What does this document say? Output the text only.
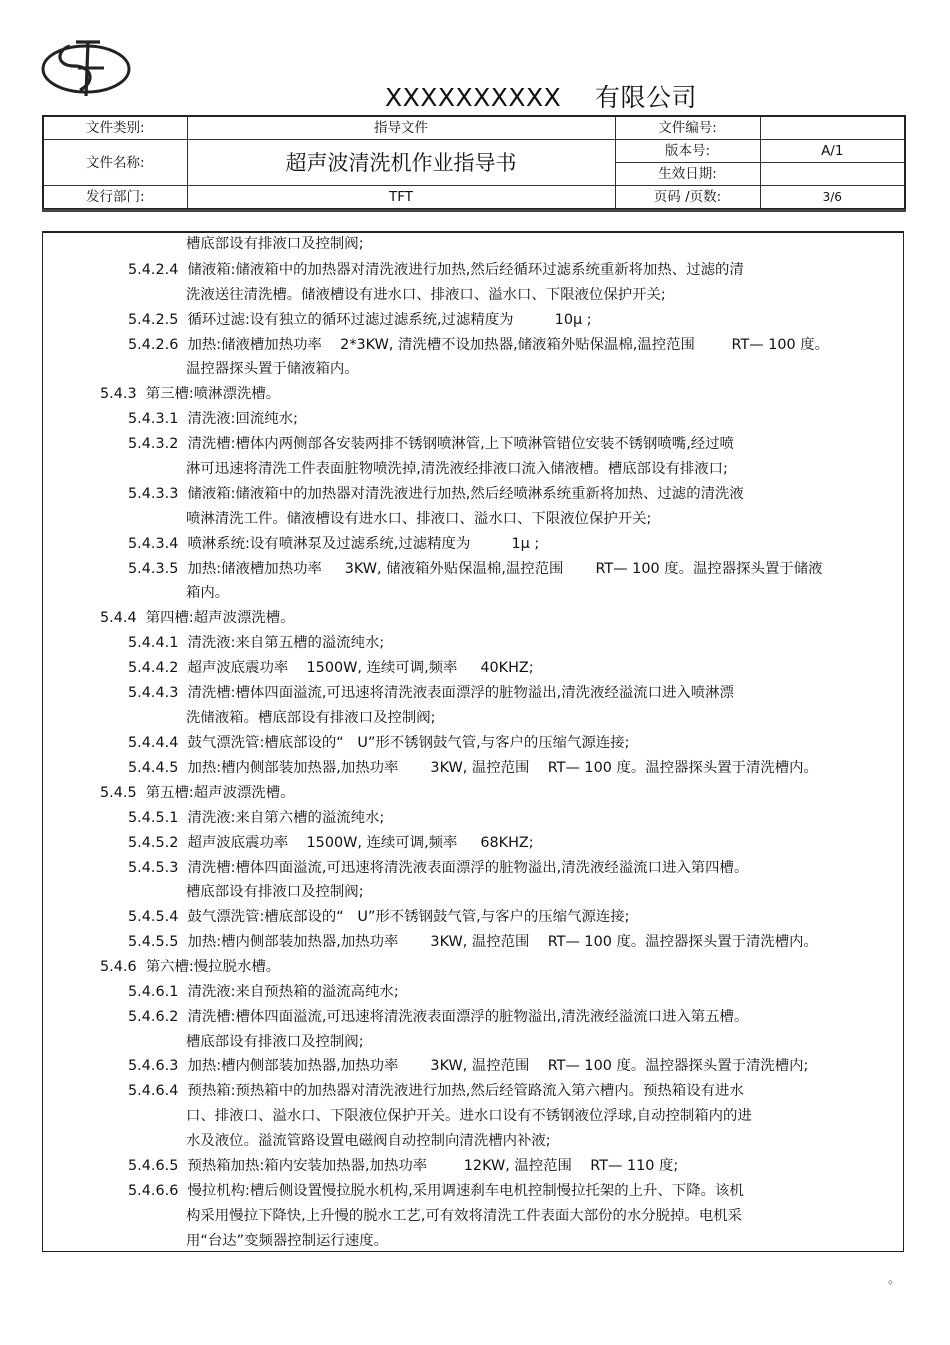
XXXXXXXXXX    有限公司
文件类别:	指导文件	文件编号:	
文件名称:	超声波清洗机作业指导书	版本号:	A/1
		生效日期:	
发行部门:	TFT	页码 /页数:	3/6
槽底部设有排液口及控制阀;
5.4.2.4  储液箱:储液箱中的加热器对清洗液进行加热,然后经循环过滤系统重新将加热、过滤的清
洗液送往清洗槽。储液槽设有进水口、排液口、溢水口、下限液位保护开关;
5.4.2.5  循环过滤:设有独立的循环过滤过滤系统,过滤精度为         10μ ;
5.4.2.6  加热:储液槽加热功率    2*3KW, 清洗槽不设加热器,储液箱外贴保温棉,温控范围        RT— 100 度。
温控器探头置于储液箱内。
5.4.3  第三槽:喷淋漂洗槽。
5.4.3.1  清洗液:回流纯水;
5.4.3.2  清洗槽:槽体内两侧部各安装两排不锈钢喷淋管,上下喷淋管错位安装不锈钢喷嘴,经过喷
淋可迅速将清洗工件表面脏物喷洗掉,清洗液经排液口流入储液槽。槽底部设有排液口;
5.4.3.3  储液箱:储液箱中的加热器对清洗液进行加热,然后经喷淋系统重新将加热、过滤的清洗液
喷淋清洗工件。储液槽设有进水口、排液口、溢水口、下限液位保护开关;
5.4.3.4  喷淋系统:设有喷淋泵及过滤系统,过滤精度为         1μ ;
5.4.3.5  加热:储液槽加热功率     3KW, 储液箱外贴保温棉,温控范围       RT— 100 度。温控器探头置于储液
箱内。
5.4.4  第四槽:超声波漂洗槽。
5.4.4.1  清洗液:来自第五槽的溢流纯水;
5.4.4.2  超声波底震功率    1500W, 连续可调,频率     40KHZ;
5.4.4.3  清洗槽:槽体四面溢流,可迅速将清洗液表面漂浮的脏物溢出,清洗液经溢流口进入喷淋漂
洗储液箱。槽底部设有排液口及控制阀;
5.4.4.4  鼓气漂洗管:槽底部设的“   U”形不锈钢鼓气管,与客户的压缩气源连接;
5.4.4.5  加热:槽内侧部装加热器,加热功率       3KW, 温控范围    RT— 100 度。温控器探头置于清洗槽内。
5.4.5  第五槽:超声波漂洗槽。
5.4.5.1  清洗液:来自第六槽的溢流纯水;
5.4.5.2  超声波底震功率    1500W, 连续可调,频率     68KHZ;
5.4.5.3  清洗槽:槽体四面溢流,可迅速将清洗液表面漂浮的脏物溢出,清洗液经溢流口进入第四槽。
槽底部设有排液口及控制阀;
5.4.5.4  鼓气漂洗管:槽底部设的“   U”形不锈钢鼓气管,与客户的压缩气源连接;
5.4.5.5  加热:槽内侧部装加热器,加热功率       3KW, 温控范围    RT— 100 度。温控器探头置于清洗槽内。
5.4.6  第六槽:慢拉脱水槽。
5.4.6.1  清洗液:来自预热箱的溢流高纯水;
5.4.6.2  清洗槽:槽体四面溢流,可迅速将清洗液表面漂浮的脏物溢出,清洗液经溢流口进入第五槽。
槽底部设有排液口及控制阀;
5.4.6.3  加热:槽内侧部装加热器,加热功率       3KW, 温控范围    RT— 100 度。温控器探头置于清洗槽内;
5.4.6.4  预热箱:预热箱中的加热器对清洗液进行加热,然后经管路流入第六槽内。预热箱设有进水
口、排液口、溢水口、下限液位保护开关。进水口设有不锈钢液位浮球,自动控制箱内的进
水及液位。溢流管路设置电磁阀自动控制向清洗槽内补液;
5.4.6.5  预热箱加热:箱内安装加热器,加热功率        12KW, 温控范围    RT— 110 度;
5.4.6.6  慢拉机构:槽后侧设置慢拉脱水机构,采用调速刹车电机控制慢拉托架的上升、下降。该机
构采用慢拉下降快,上升慢的脱水工艺,可有效将清洗工件表面大部份的水分脱掉。电机采
用“台达”变频器控制运行速度。
。
